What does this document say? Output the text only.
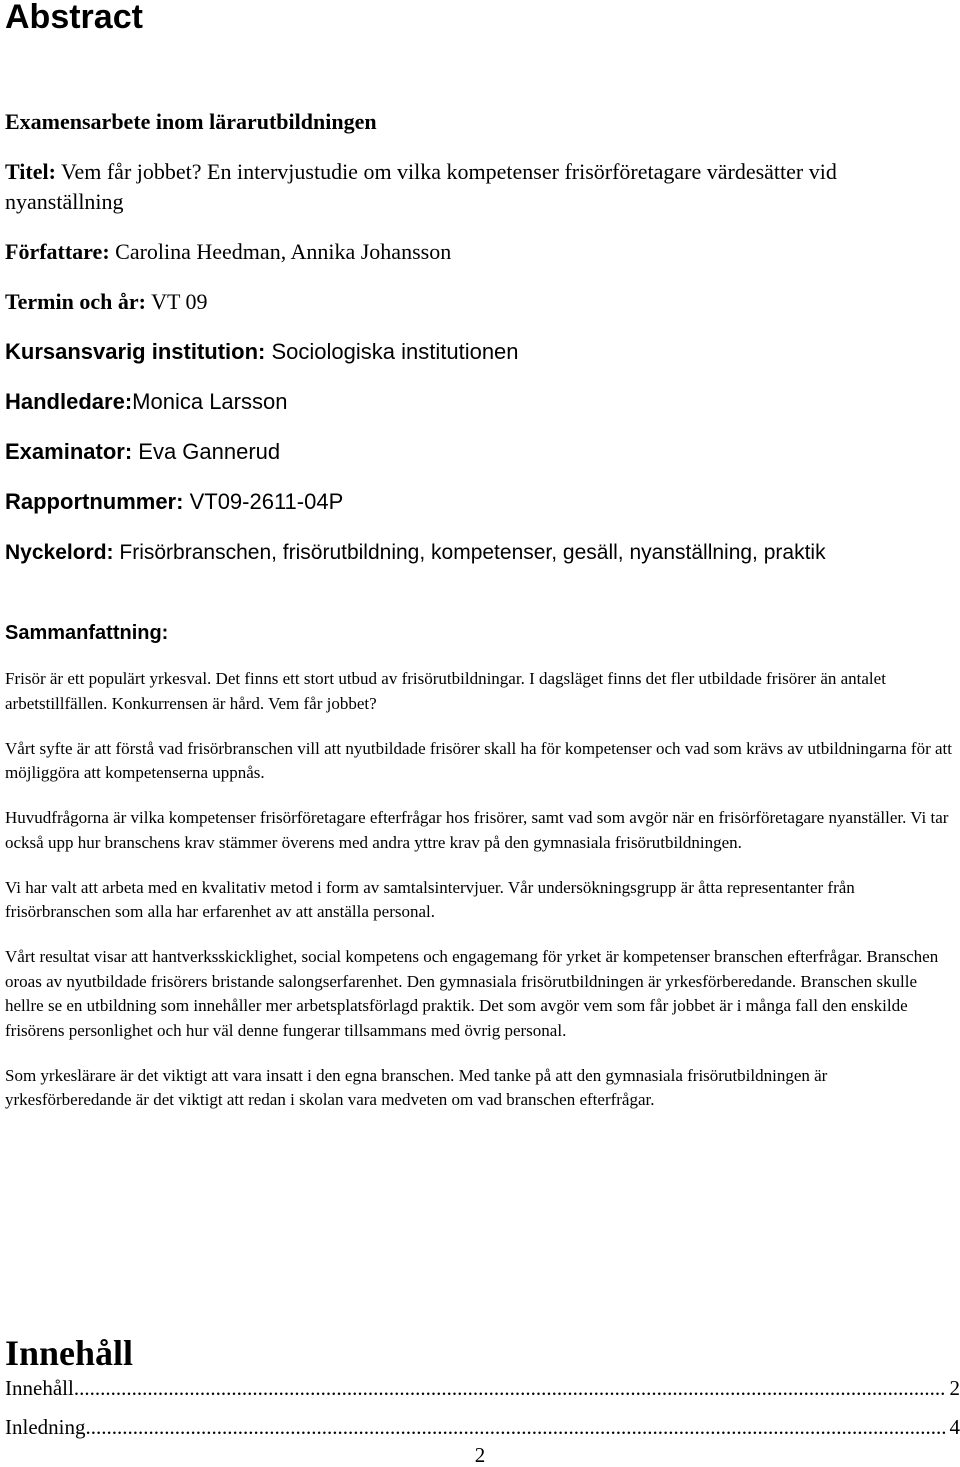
Abstract
Examensarbete inom lärarutbildningen
Titel: Vem får jobbet? En intervjustudie om vilka kompetenser frisörföretagare värdesätter vid nyanställning
Författare: Carolina Heedman, Annika Johansson
Termin och år: VT 09
Kursansvarig institution: Sociologiska institutionen
Handledare:Monica Larsson
Examinator: Eva Gannerud
Rapportnummer: VT09-2611-04P
Nyckelord: Frisörbranschen, frisörutbildning, kompetenser, gesäll, nyanställning, praktik
Sammanfattning:

Frisör är ett populärt yrkesval. Det finns ett stort utbud av frisörutbildningar. I dagsläget finns det fler utbildade frisörer än antalet arbetstillfällen. Konkurrensen är hård. Vem får jobbet?

Vårt syfte är att förstå vad frisörbranschen vill att nyutbildade frisörer skall ha för kompetenser och vad som krävs av utbildningarna för att möjliggöra att kompetenserna uppnås.

Huvudfrågorna är vilka kompetenser frisörföretagare efterfrågar hos frisörer, samt vad som avgör när en frisörföretagare nyanställer. Vi tar också upp hur branschens krav stämmer överens med andra yttre krav på den gymnasiala frisörutbildningen.

Vi har valt att arbeta med en kvalitativ metod i form av samtalsintervjuer. Vår undersökningsgrupp är åtta representanter från frisörbranschen som alla har erfarenhet av att anställa personal.

Vårt resultat visar att hantverksskicklighet, social kompetens och engagemang för yrket är kompetenser branschen efterfrågar. Branschen oroas av nyutbildade frisörers bristande salongserfarenhet. Den gymnasiala frisörutbildningen är yrkesförberedande. Branschen skulle hellre se en utbildning som innehåller mer arbetsplatsförlagd praktik. Det som avgör vem som får jobbet är i många fall den enskilde frisörens personlighet och hur väl denne fungerar tillsammans med övrig personal.

Som yrkeslärare är det viktigt att vara insatt i den egna branschen. Med tanke på att den gymnasiala frisörutbildningen är yrkesförberedande är det viktigt att redan i skolan vara medveten om vad branschen efterfrågar.

Innehåll
Innehåll .....	2
Inledning .....	4
2
